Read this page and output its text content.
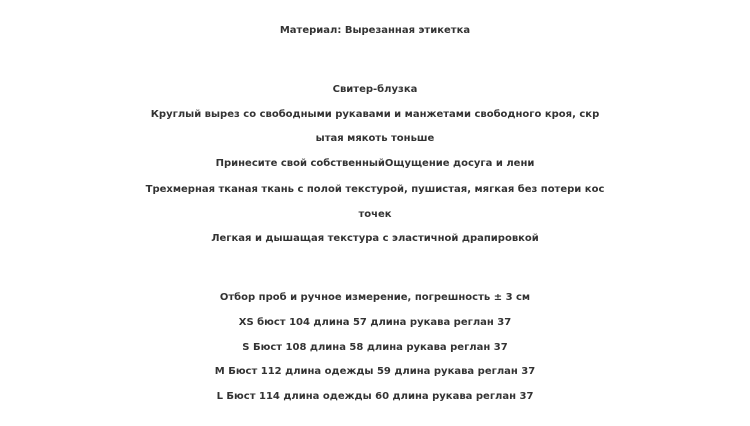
Материал: Вырезанная этикетка
Свитер-блузка
Круглый вырез со свободными рукавами и манжетами свободного кроя, скр
ытая мякоть тоньше
Принесите свой собственныйОщущение досуга и лени
Трехмерная тканая ткань с полой текстурой, пушистая, мягкая без потери кос
точек
Легкая и дышащая текстура с эластичной драпировкой
Отбор проб и ручное измерение, погрешность ± 3 см
XS бюст 104 длина 57 длина рукава реглан 37
S Бюст 108 длина 58 длина рукава реглан 37
M Бюст 112 длина одежды 59 длина рукава реглан 37
L Бюст 114 длина одежды 60 длина рукава реглан 37
